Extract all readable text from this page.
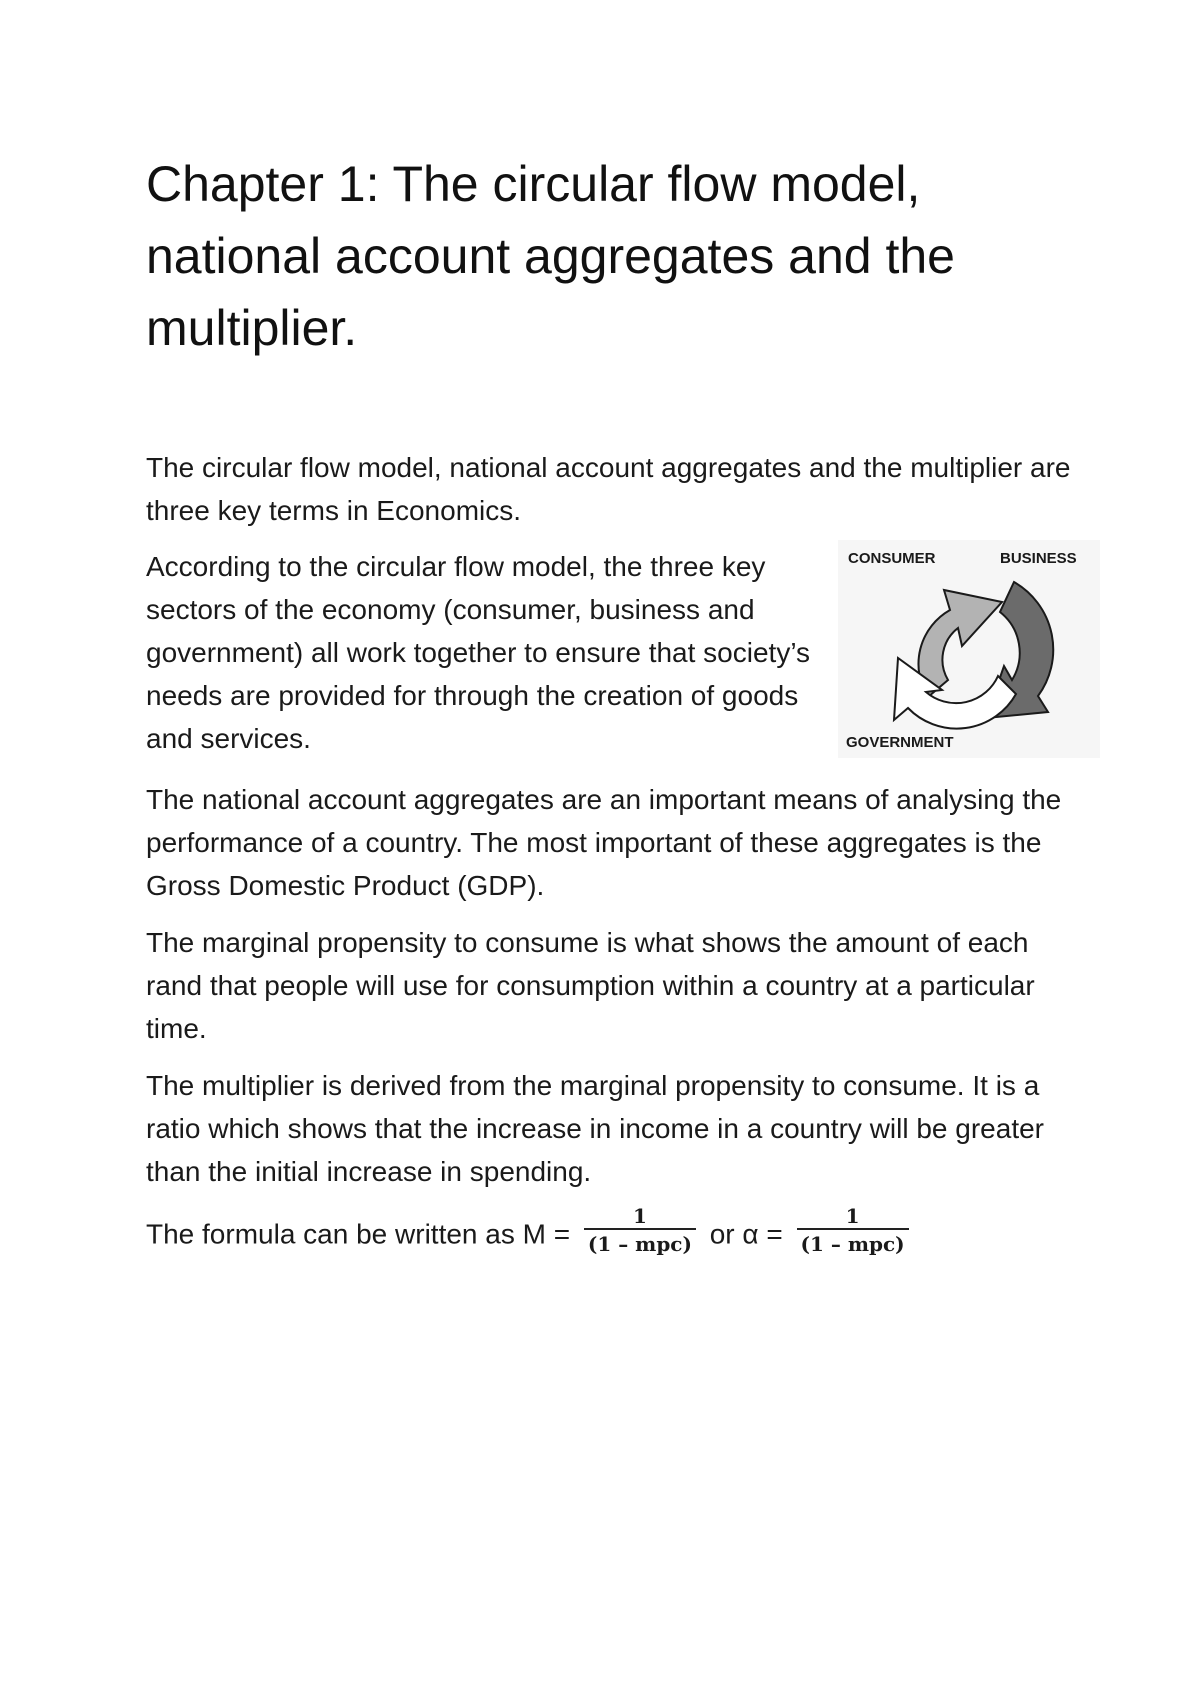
Chapter 1: The circular flow model, national account aggregates and the multiplier.

The circular flow model, national account aggregates and the multiplier are three key terms in Economics.

According to the circular flow model, the three key sectors of the economy (consumer, business and government) all work together to ensure that society’s needs are provided for through the creation of goods and services.

CONSUMER	BUSINESS
GOVERNMENT

The national account aggregates are an important means of analysing the performance of a country. The most important of these aggregates is the Gross Domestic Product (GDP).

The marginal propensity to consume is what shows the amount of each rand that people will use for consumption within a country at a particular time.

The multiplier is derived from the marginal propensity to consume. It is a ratio which shows that the increase in income in a country will be greater than the initial increase in spending.

The formula can be written as $M = \frac{1}{\text{(1 – mpc)}}$ or $\alpha = \frac{1}{\text{(1 – mpc)}}$
